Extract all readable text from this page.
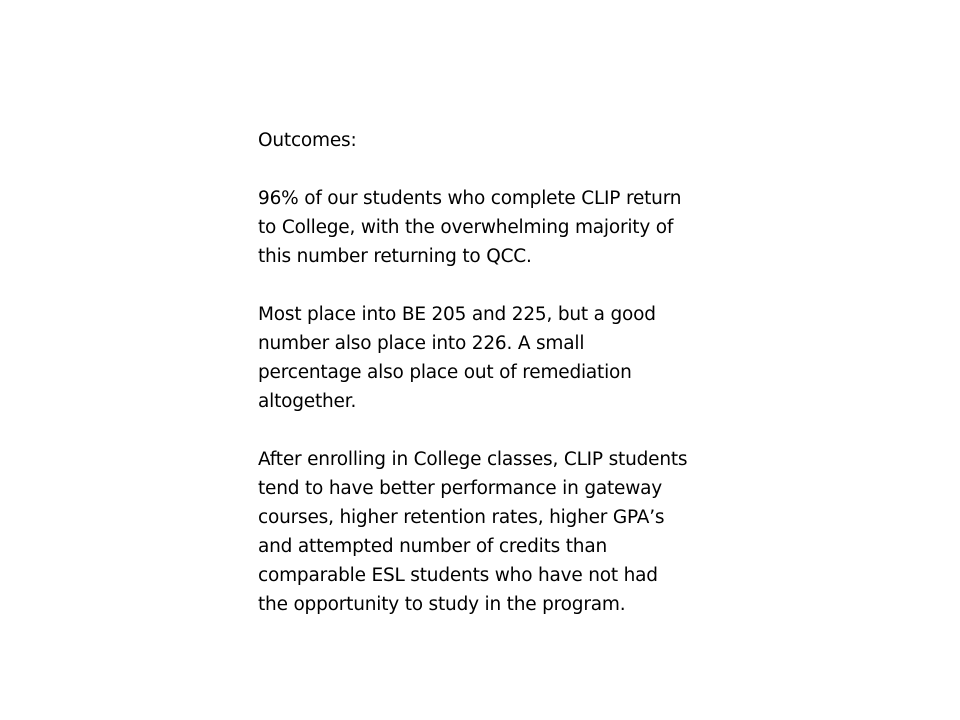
Outcomes:

96% of our students who complete CLIP return
to College, with the overwhelming majority of
this number returning to QCC.

Most place into BE 205 and 225, but a good
number also place into 226. A small
percentage also place out of remediation
altogether.

After enrolling in College classes, CLIP students
tend to have better performance in gateway
courses, higher retention rates, higher GPA’s
and attempted number of credits than
comparable ESL students who have not had
the opportunity to study in the program.
